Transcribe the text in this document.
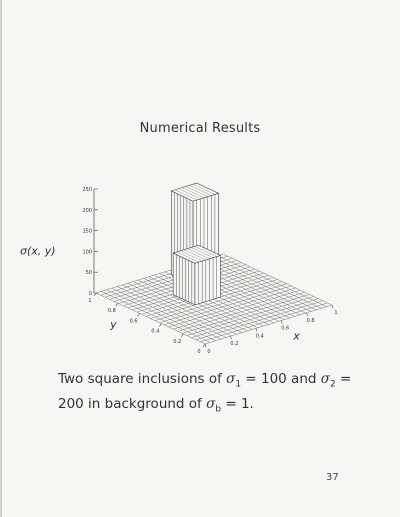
Numerical Results
0
50
100
150
200
250
σ(x, y)
0
0.2
0.4
0.6
0.8
1
x
0
0.2
0.4
0.6
0.8
1
y
Two square inclusions of $\sigma_1 = 100$ and $\sigma_2$ =
200 in background of $\sigma_b = 1$.
37
